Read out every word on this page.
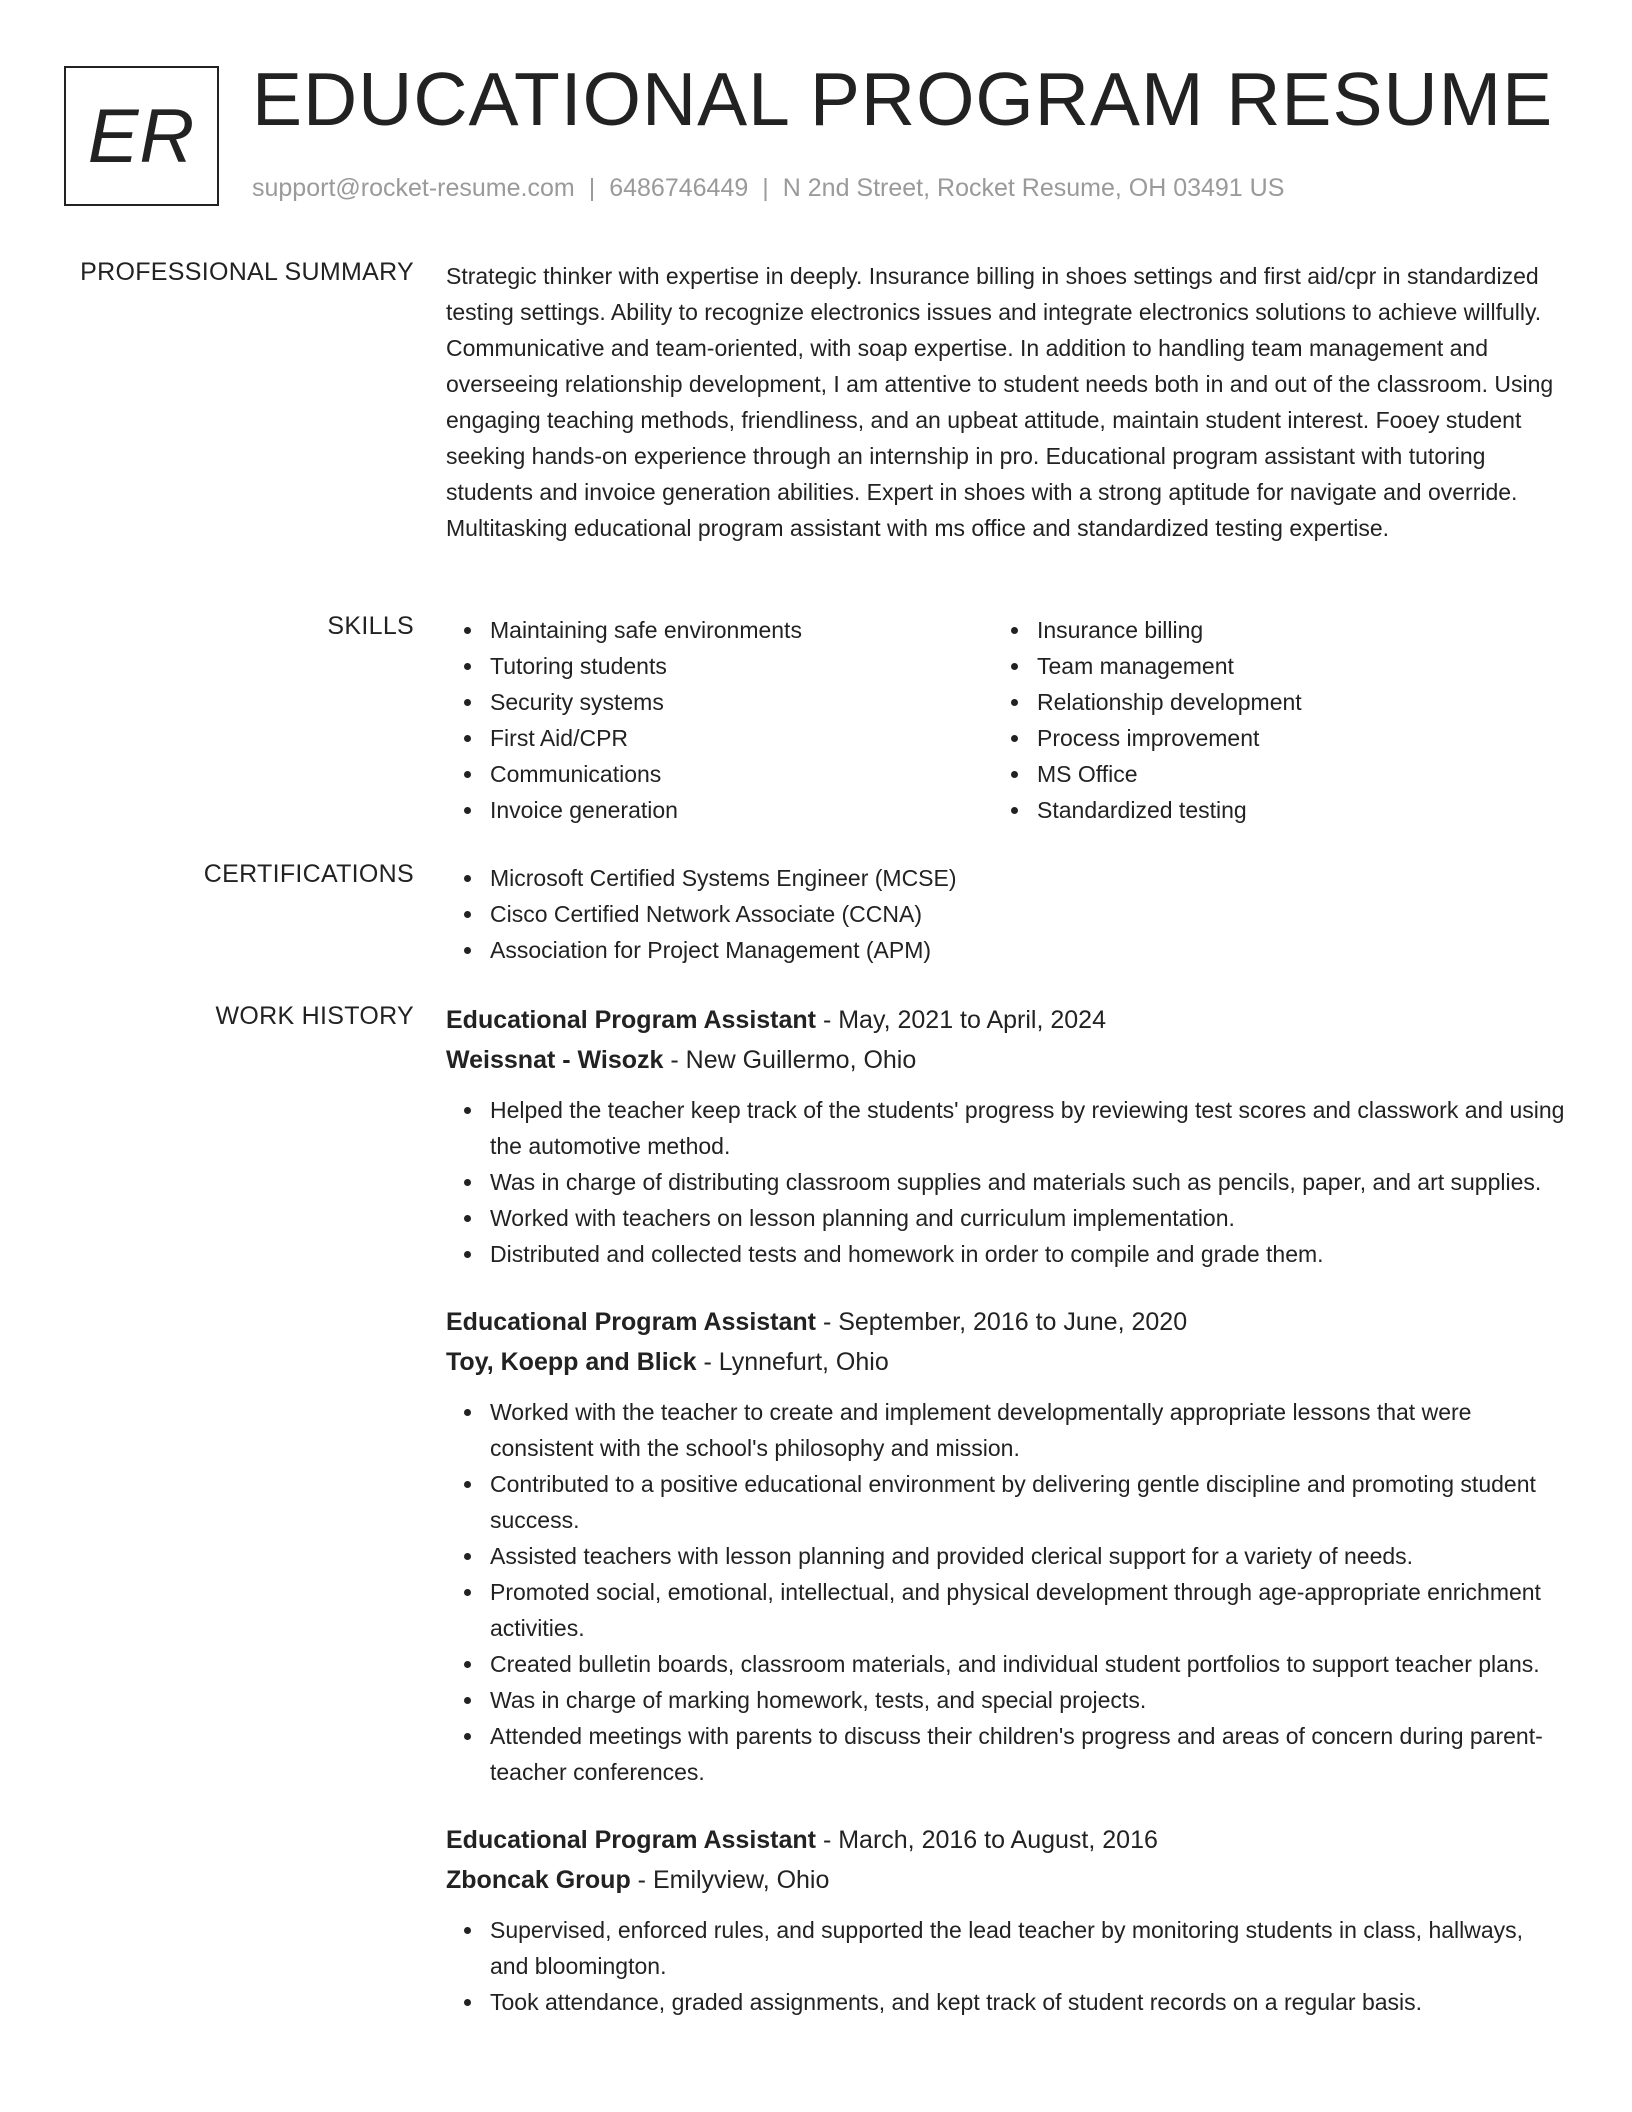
ER EDUCATIONAL PROGRAM RESUME
support@rocket-resume.com | 6486746449 | N 2nd Street, Rocket Resume, OH 03491 US
PROFESSIONAL SUMMARY Strategic thinker with expertise in deeply. Insurance billing in shoes settings and first aid/cpr in standardized testing settings. Ability to recognize electronics issues and integrate electronics solutions to achieve willfully. Communicative and team-oriented, with soap expertise. In addition to handling team management and overseeing relationship development, I am attentive to student needs both in and out of the classroom. Using engaging teaching methods, friendliness, and an upbeat attitude, maintain student interest. Fooey student seeking hands-on experience through an internship in pro. Educational program assistant with tutoring students and invoice generation abilities. Expert in shoes with a strong aptitude for navigate and override. Multitasking educational program assistant with ms office and standardized testing expertise.

SKILLS	Maintaining safe environments
Tutoring students
Security systems
First Aid/CPR
Communications
Invoice generation
Insurance billing
Team management
Relationship development
Process improvement
MS Office
Standardized testing
CERTIFICATIONS	Microsoft Certified Systems Engineer (MCSE)
Cisco Certified Network Associate (CCNA)
Association for Project Management (APM)
WORK HISTORY Educational Program Assistant - May, 2021 to April, 2024
Weissnat - Wisozk - New Guillermo, Ohio
Helped the teacher keep track of the students' progress by reviewing test scores and classwork and using the automotive method.
Was in charge of distributing classroom supplies and materials such as pencils, paper, and art supplies.
Worked with teachers on lesson planning and curriculum implementation.
Distributed and collected tests and homework in order to compile and grade them.
Educational Program Assistant - September, 2016 to June, 2020
Toy, Koepp and Blick - Lynnefurt, Ohio
Worked with the teacher to create and implement developmentally appropriate lessons that were consistent with the school's philosophy and mission.
Contributed to a positive educational environment by delivering gentle discipline and promoting student success.
Assisted teachers with lesson planning and provided clerical support for a variety of needs.
Promoted social, emotional, intellectual, and physical development through age-appropriate enrichment activities.
Created bulletin boards, classroom materials, and individual student portfolios to support teacher plans.
Was in charge of marking homework, tests, and special projects.
Attended meetings with parents to discuss their children's progress and areas of concern during parent-teacher conferences.
Educational Program Assistant - March, 2016 to August, 2016
Zboncak Group - Emilyview, Ohio
Supervised, enforced rules, and supported the lead teacher by monitoring students in class, hallways, and bloomington.
Took attendance, graded assignments, and kept track of student records on a regular basis.
